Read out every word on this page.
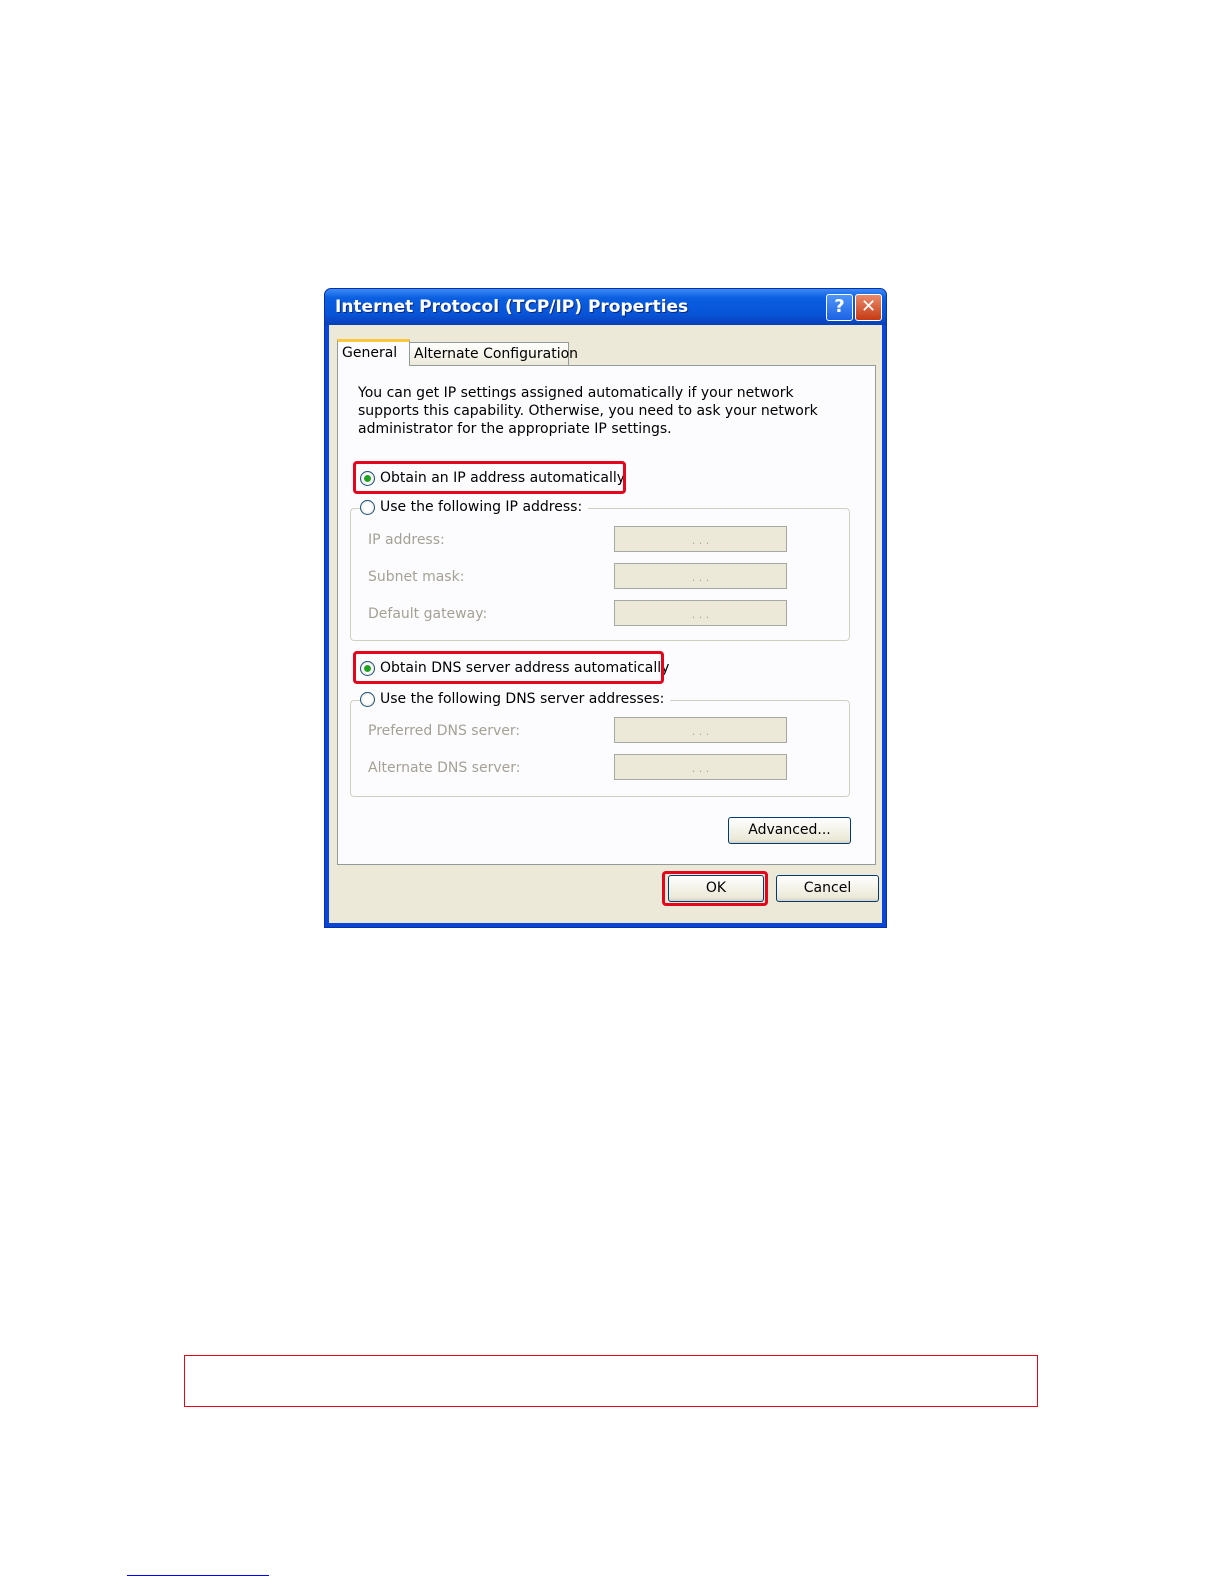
Internet Protocol (TCP/IP) Properties	? ✕
General	Alternate Configuration
You can get IP settings assigned automatically if your network supports this capability. Otherwise, you need to ask your network administrator for the appropriate IP settings.
Obtain an IP address automatically
Use the following IP address:
IP address:	. . .
Subnet mask:	. . .
Default gateway:	. . .
Obtain DNS server address automatically
Use the following DNS server addresses:
Preferred DNS server:	. . .
Alternate DNS server:	. . .
Advanced...
OK	Cancel
